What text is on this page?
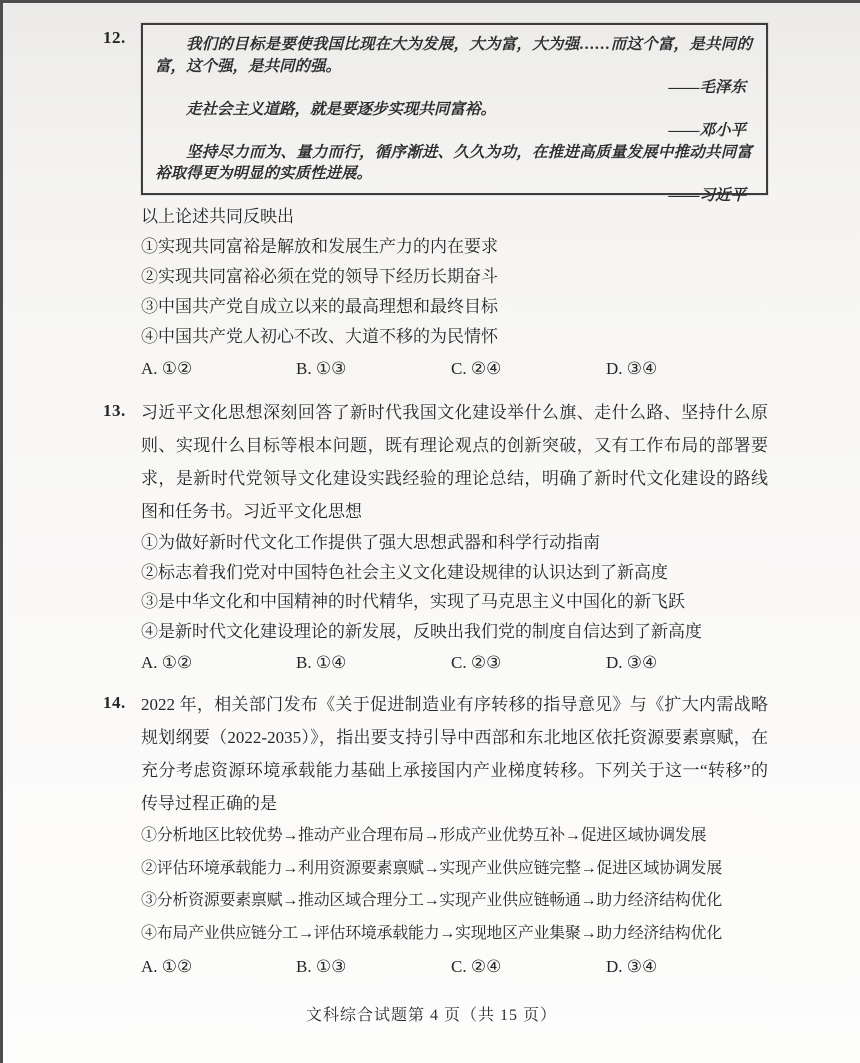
12.	我们的目标是要使我国比现在大为发展，大为富，大为强……而这个富，是共同的富，这个强，是共同的强。

——毛泽东

走社会主义道路，就是要逐步实现共同富裕。

——邓小平

坚持尽力而为、量力而行，循序渐进、久久为功，在推进高质量发展中推动共同富裕取得更为明显的实质性进展。

——习近平

以上论述共同反映出
①实现共同富裕是解放和发展生产力的内在要求
②实现共同富裕必须在党的领导下经历长期奋斗
③中国共产党自成立以来的最高理想和最终目标
④中国共产党人初心不改、大道不移的为民情怀
A. ①②	B. ①③	C. ②④	D. ③④
13. 习近平文化思想深刻回答了新时代我国文化建设举什么旗、走什么路、坚持什么原则、实现什么目标等根本问题，既有理论观点的创新突破，又有工作布局的部署要求，是新时代党领导文化建设实践经验的理论总结，明确了新时代文化建设的路线图和任务书。习近平文化思想
①为做好新时代文化工作提供了强大思想武器和科学行动指南
②标志着我们党对中国特色社会主义文化建设规律的认识达到了新高度
③是中华文化和中国精神的时代精华，实现了马克思主义中国化的新飞跃
④是新时代文化建设理论的新发展，反映出我们党的制度自信达到了新高度
A. ①②	B. ①④	C. ②③	D. ③④
14. 2022 年，相关部门发布《关于促进制造业有序转移的指导意见》与《扩大内需战略规划纲要（2022-2035）》，指出要支持引导中西部和东北地区依托资源要素禀赋，在充分考虑资源环境承载能力基础上承接国内产业梯度转移。下列关于这一“转移”的传导过程正确的是
①分析地区比较优势→推动产业合理布局→形成产业优势互补→促进区域协调发展
②评估环境承载能力→利用资源要素禀赋→实现产业供应链完整→促进区域协调发展
③分析资源要素禀赋→推动区域合理分工→实现产业供应链畅通→助力经济结构优化
④布局产业供应链分工→评估环境承载能力→实现地区产业集聚→助力经济结构优化
A. ①②	B. ①③	C. ②④	D. ③④
文科综合试题第 4 页（共 15 页）
